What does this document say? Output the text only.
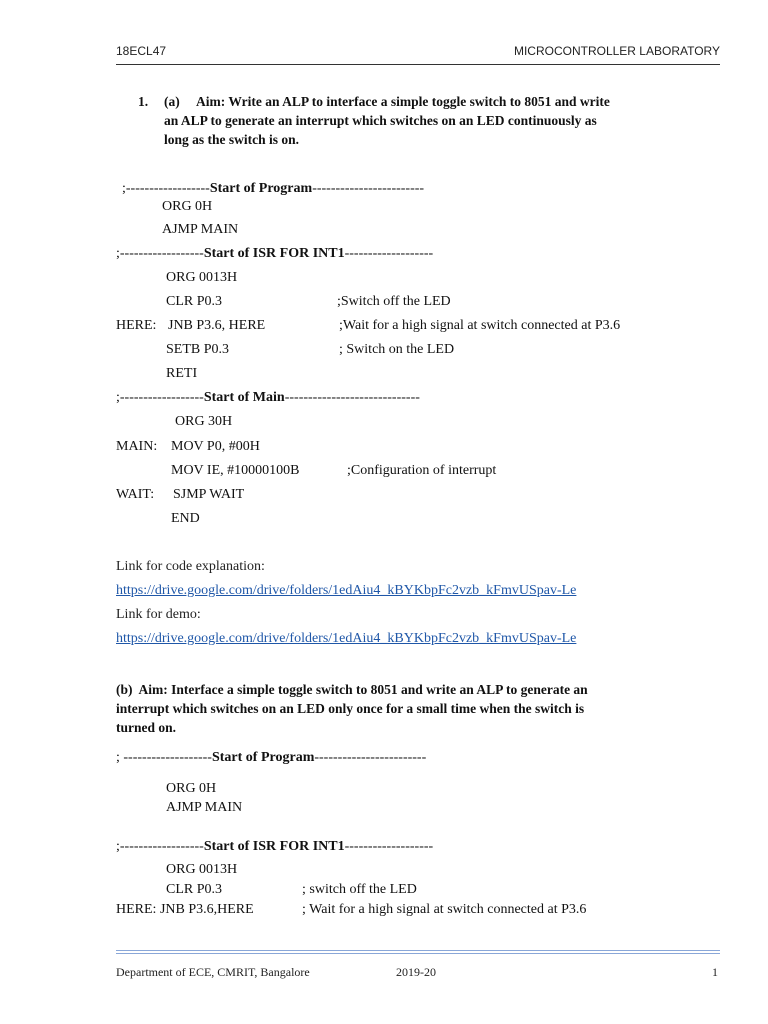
18ECL47	MICROCONTROLLER LABORATORY
1. (a) Aim: Write an ALP to interface a simple toggle switch to 8051 and write
an ALP to generate an interrupt which switches on an LED continuously as
long as the switch is on.
;------------------Start of Program------------------------
ORG 0H
AJMP MAIN
;------------------Start of ISR FOR INT1-------------------
ORG 0013H
CLR P0.3	;Switch off the LED
HERE: JNB P3.6, HERE	;Wait for a high signal at switch connected at P3.6
SETB P0.3	; Switch on the LED
RETI
;------------------Start of Main-----------------------------
ORG 30H
MAIN: MOV P0, #00H
MOV IE, #10000100B	;Configuration of interrupt
WAIT: SJMP WAIT
END
Link for code explanation:
https://drive.google.com/drive/folders/1edAiu4_kBYKbpFc2vzb_kFmvUSpav-Le
Link for demo:
https://drive.google.com/drive/folders/1edAiu4_kBYKbpFc2vzb_kFmvUSpav-Le
(b)  Aim: Interface a simple toggle switch to 8051 and write an ALP to generate an
interrupt which switches on an LED only once for a small time when the switch is
turned on.
; -------------------Start of Program------------------------
ORG 0H
AJMP MAIN
;------------------Start of ISR FOR INT1-------------------
ORG 0013H
CLR P0.3	; switch off the LED
HERE: JNB P3.6,HERE	; Wait for a high signal at switch connected at P3.6
Department of ECE, CMRIT, Bangalore	2019-20	1
